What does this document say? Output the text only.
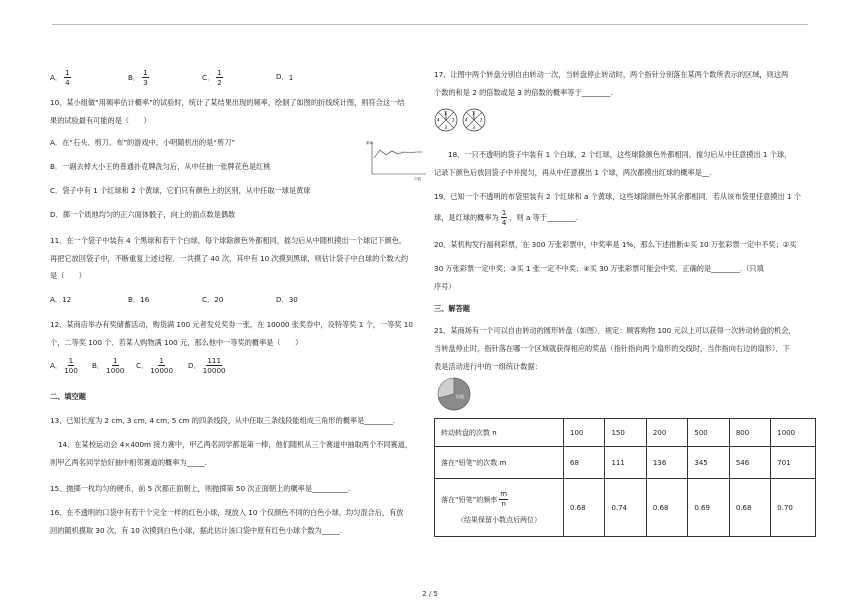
A． $\frac{1}{4}$	B． $\frac{1}{3}$	C． $\frac{1}{2}$	D． 1
10、某小组做“用频率估计概率”的试验时，统计了某结果出现的频率，绘制了如图的折线统计图，则符合这一结
果的试验最有可能的是（　　）
A．在“石头、剪刀、布”的游戏中，小明随机出的是“剪刀”
B．一副去掉大小王的普通扑克牌洗匀后，从中任抽一张牌花色是红桃
C．袋子中有 1 个红球和 2 个黄球，它们只有颜色上的区别，从中任取一球是黄球
D．掷一个质地均匀的正六面体骰子，向上的面点数是偶数
频率
次数
11、在一个袋子中装有 4 个黑球和若干个白球，每个球除颜色外都相同，摇匀后从中随机摸出一个球记下颜色，
再把它放回袋子中，不断重复上述过程．一共摸了 40 次，其中有 10 次摸到黑球，则估计袋子中白球的个数大约
是（　　）
A．12	B．16	C．20	D．30
12、某商店举办有奖储蓄活动，购货满 100 元者发兑奖券一张，在 10000 张奖券中，设特等奖 1 个，一等奖 10
个，二等奖 100 个．若某人购物满 100 元，那么他中一等奖的概率是（　　）
A． $\frac{1}{100}$ B． $\frac{1}{1000}$ C． $\frac{1}{10000}$ D． $\frac{111}{10000}$
二、填空题
13、已知长度为 2 cm, 3 cm, 4 cm, 5 cm 的四条线段，从中任取三条线段能组成三角形的概率是________.
14、在某校运动会 4×400m 接力赛中，甲乙两名同学都是第一棒，他们随机从三个赛道中抽取两个不同赛道，
则甲乙两名同学恰好抽中相邻赛道的概率为_____.
15、抛掷一枚均匀的硬币，前 5 次都正面朝上，则抛掷第 50 次正面朝上的概率是__________.
16、在不透明的口袋中有若干个完全一样的红色小球，现放入 10 个仅颜色不同的白色小球，均匀混合后，有放
回的随机摸取 30 次，有 10 次摸到白色小球，据此估计该口袋中原有红色小球个数为_____.
17、让图中两个转盘分别自由转动一次，当转盘停止转动时，两个指针分别落在某两个数所表示的区域，则这两
个数的和是 2 的倍数或是 3 的倍数的概率等于________.
1
2
3
4
1
2
3
4
18、一只不透明的袋子中装有 1 个白球，2 个红球，这些球除颜色外都相同，搅匀后从中任意摸出 1 个球，
记录下颜色后放回袋子中并搅匀，再从中任意摸出 1 个球，两次都摸出红球的概率是__.
19、已知一个不透明的布袋里装有 2 个红球和 a 个黄球，这些球除颜色外其余都相同．若从该布袋里任意摸出 1 个
球，是红球的概率为 $\frac{1}{4}$ ，则 a 等于________.
20、某机构发行福利彩票，在 300 万张彩票中，中奖率是 1%，那么下述推断①买 10 万张彩票一定中不奖；②买
30 万张彩票一定中奖；③买 1 张一定不中奖；④买 30 万张彩票可能会中奖．正确的是________.（只填
序号）
三、解答题
21、某商场有一个可以自由转动的圆形转盘（如图）．规定：顾客购物 100 元以上可以获得一次转动转盘的机会，
当转盘停止时，指针落在哪一个区域就获得相应的奖品（指针指向两个扇形的交线时，当作指向右边的扇形）．下
表是活动进行中的一组统计数据：
铅笔
转动转盘的次数 n	100	150	200	500	800	1000
落在“铅笔”的次数 m	68	111	136	345	546	701

落在“铅笔”的频率 $\frac{m}{n}$
（结果保留小数点后两位）	0.68	0.74	0.68	0.69	0.68	0.70
2 / 5
